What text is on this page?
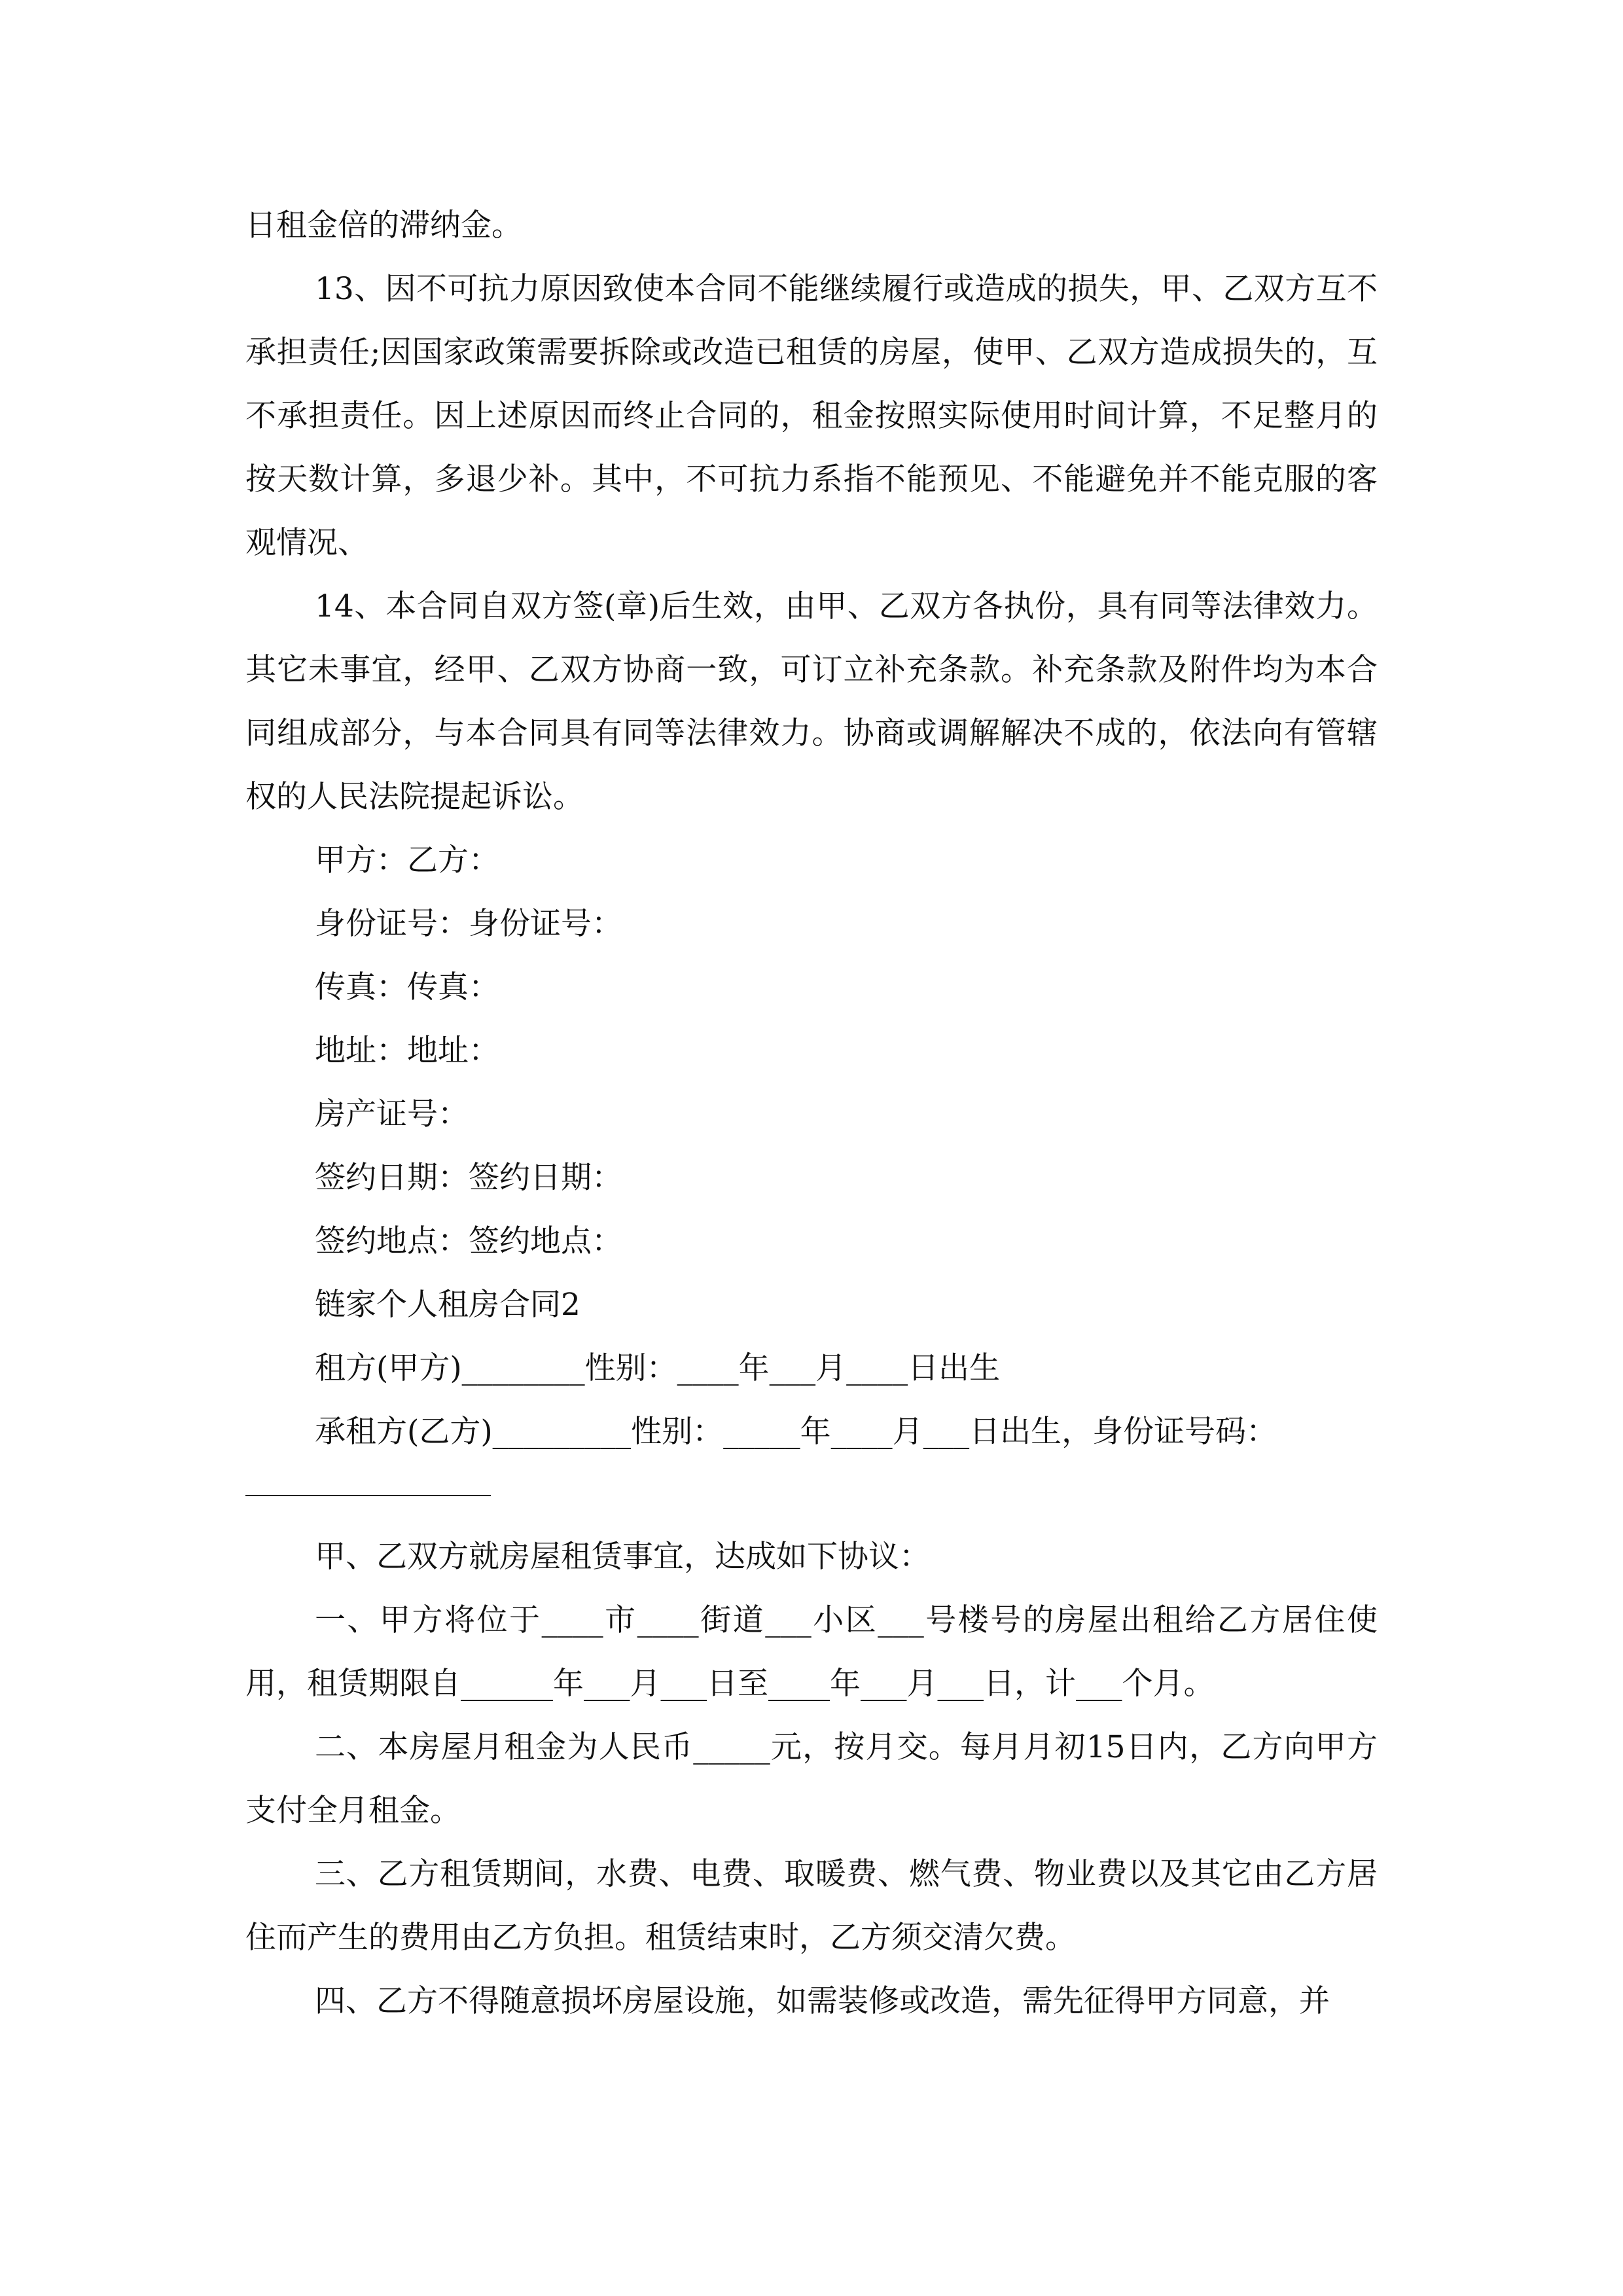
日租金倍的滞纳金。

13、因不可抗力原因致使本合同不能继续履行或造成的损失，甲、乙双方互不承担责任;因国家政策需要拆除或改造已租赁的房屋，使甲、乙双方造成损失的，互不承担责任。因上述原因而终止合同的，租金按照实际使用时间计算，不足整月的按天数计算，多退少补。其中，不可抗力系指不能预见、不能避免并不能克服的客观情况、

14、本合同自双方签(章)后生效，由甲、乙双方各执份，具有同等法律效力。其它未事宜，经甲、乙双方协商一致，可订立补充条款。补充条款及附件均为本合同组成部分，与本合同具有同等法律效力。协商或调解解决不成的，依法向有管辖权的人民法院提起诉讼。

甲方：乙方：

身份证号：身份证号：

传真：传真：

地址：地址：

房产证号：

签约日期：签约日期：

签约地点：签约地点：

链家个人租房合同2

租方(甲方)________性别：____年___月____日出生

承租方(乙方)_________性别：_____年____月___日出生，身份证号码：

甲、乙双方就房屋租赁事宜，达成如下协议：

一、甲方将位于____市____街道___小区___号楼号的房屋出租给乙方居住使用，租赁期限自______年___月___日至____年___月___日，计___个月。

二、本房屋月租金为人民币_____元，按月交。每月月初15日内，乙方向甲方支付全月租金。

三、乙方租赁期间，水费、电费、取暖费、燃气费、物业费以及其它由乙方居住而产生的费用由乙方负担。租赁结束时，乙方须交清欠费。

四、乙方不得随意损坏房屋设施，如需装修或改造，需先征得甲方同意，并
